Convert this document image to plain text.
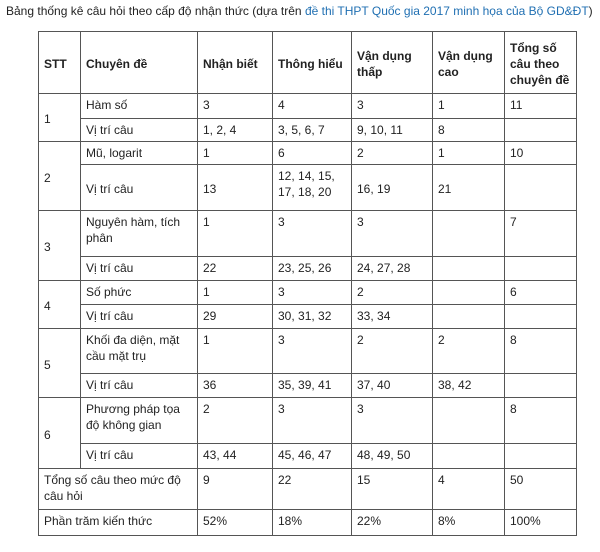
Bảng thống kê câu hỏi theo cấp độ nhận thức (dựa trên đề thi THPT Quốc gia 2017 minh họa của Bộ GD&ĐT)
STT	Chuyên đề	Nhận biết	Thông hiểu	Vận dụng thấp	Vận dụng cao	Tổng số câu theo chuyên đề
1	Hàm số	3	4	3	1	11
	Vị trí câu	1, 2, 4	3, 5, 6, 7	9, 10, 11	8	
2	Mũ, logarit	1	6	2	1	10
	Vị trí câu	13	12, 14, 15, 17, 18, 20	16, 19	21	
3	Nguyên hàm, tích phân	1	3	3		7
	Vị trí câu	22	23, 25, 26	24, 27, 28		
4	Số phức	1	3	2		6
	Vị trí câu	29	30, 31, 32	33, 34		
5	Khối đa diện, mặt cầu mặt trụ	1	3	2	2	8
	Vị trí câu	36	35, 39, 41	37, 40	38, 42	
6	Phương pháp tọa độ không gian	2	3	3		8
	Vị trí câu	43, 44	45, 46, 47	48, 49, 50		
Tổng số câu theo mức độ câu hỏi		9	22	15	4	50
Phần trăm kiến thức		52%	18%	22%	8%	100%
